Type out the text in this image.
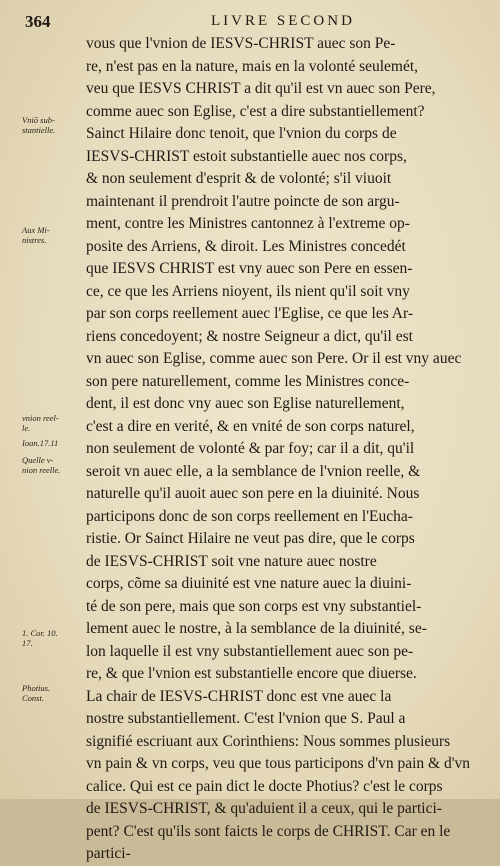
364	LIVRE SECOND
Vniō sub-
stantielle.
Aux Mi-
nistres.
vnion reel-
le.
Ioan.17.11
Quelle v-
nion reelle.
1. Cor. 10.
17.
Photius.
Const.
vous que l'vnion de IESVS-CHRIST auec son Pe-
re, n'est pas en la nature, mais en la volonté seulemét,
veu que IESVS CHRIST a dit qu'il est vn auec son Pere,
comme auec son Eglise, c'est a dire substantiellement?
Sainct Hilaire donc tenoit, que l'vnion du corps de
IESVS-CHRIST estoit substantielle auec nos corps,
& non seulement d'esprit & de volonté; s'il viuoit
maintenant il prendroit l'autre poincte de son argu-
ment, contre les Ministres cantonnez à l'extreme op-
posite des Arriens, & diroit. Les Ministres concedét
que IESVS CHRIST est vny auec son Pere en essen-
ce, ce que les Arriens nioyent, ils nient qu'il soit vny
par son corps reellement auec l'Eglise, ce que les Ar-
riens concedoyent; & nostre Seigneur a dict, qu'il est
vn auec son Eglise, comme auec son Pere. Or il est vny auec
son pere naturellement, comme les Ministres conce-
dent, il est donc vny auec son Eglise naturellement,
c'est a dire en verité, & en vnité de son corps naturel,
non seulement de volonté & par foy; car il a dit, qu'il
seroit vn auec elle, a la semblance de l'vnion reelle, &
naturelle qu'il auoit auec son pere en la diuinité. Nous
participons donc de son corps reellement en l'Eucha-
ristie. Or Sainct Hilaire ne veut pas dire, que le corps
de IESVS-CHRIST soit vne nature auec nostre
corps, cõme sa diuinité est vne nature auec la diuini-
té de son pere, mais que son corps est vny substantiel-
lement auec le nostre, à la semblance de la diuinité, se-
lon laquelle il est vny substantiellement auec son pe-
re, & que l'vnion est substantielle encore que diuerse.
La chair de IESVS-CHRIST donc est vne auec la
nostre substantiellement. C'est l'vnion que S. Paul a
signifié escriuant aux Corinthiens: Nous sommes plusieurs
vn pain & vn corps, veu que tous participons d'vn pain & d'vn
calice. Qui est ce pain dict le docte Photius? c'est le corps
de IESVS-CHRIST, & qu'aduient il a ceux, qui le partici-
pent? C'est qu'ils sont faicts le corps de CHRIST. Car en le
partici-
